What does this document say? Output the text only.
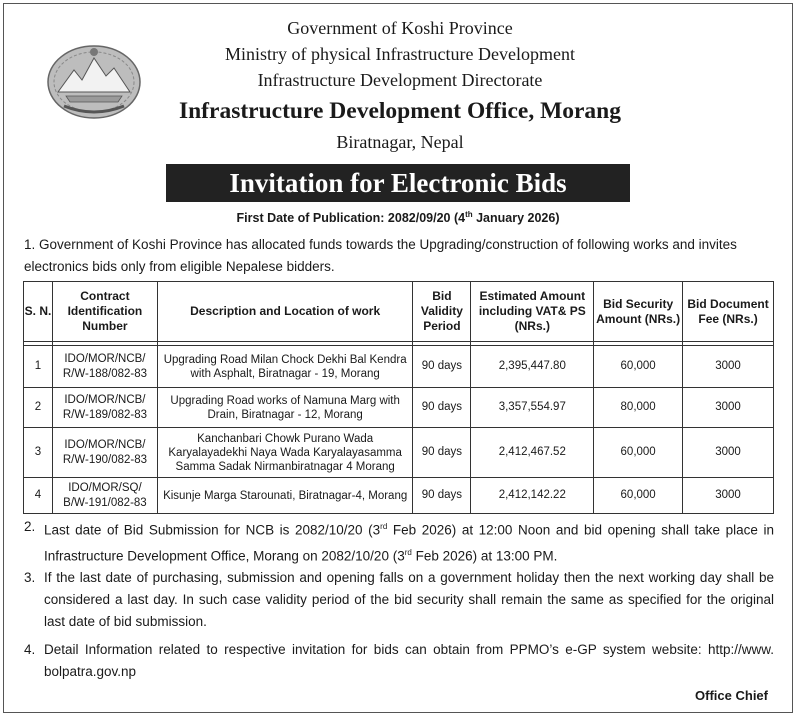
Government of Koshi Province
Ministry of physical Infrastructure Development
Infrastructure Development Directorate
Infrastructure Development Office, Morang
Biratnagar, Nepal
Invitation for Electronic Bids
First Date of Publication: 2082/09/20 (4th January 2026)
1. Government of Koshi Province has allocated funds towards the Upgrading/construction of following works and invites electronics bids only from eligible Nepalese bidders.
S. N.	Contract Identification Number	Description and Location of work	Bid Validity Period	Estimated Amount including VAT& PS (NRs.)	Bid Security Amount (NRs.)	Bid Document Fee (NRs.)

1	IDO/MOR/NCB/ R/W-188/082-83	Upgrading Road Milan Chock Dekhi Bal Kendra with Asphalt, Biratnagar - 19, Morang	90 days	2,395,447.80	60,000	3000
2	IDO/MOR/NCB/ R/W-189/082-83	Upgrading Road works of Namuna Marg with Drain, Biratnagar - 12, Morang	90 days	3,357,554.97	80,000	3000
3	IDO/MOR/NCB/ R/W-190/082-83	Kanchanbari Chowk Purano Wada Karyalayadekhi Naya Wada Karyalayasamma Samma Sadak Nirmanbiratnagar 4 Morang	90 days	2,412,467.52	60,000	3000
4	IDO/MOR/SQ/ B/W-191/082-83	Kisunje Marga Starounati, Biratnagar-4, Morang	90 days	2,412,142.22	60,000	3000
2. Last date of Bid Submission for NCB is 2082/10/20 (3rd Feb 2026) at 12:00 Noon and bid opening shall take place in Infrastructure Development Office, Morang on 2082/10/20 (3rd Feb 2026) at 13:00 PM.
3. If the last date of purchasing, submission and opening falls on a government holiday then the next working day shall be considered a last day. In such case validity period of the bid security shall remain the same as specified for the original last date of bid submission.
4. Detail Information related to respective invitation for bids can obtain from PPMO’s e-GP system website: http://www. bolpatra.gov.np
Office Chief
